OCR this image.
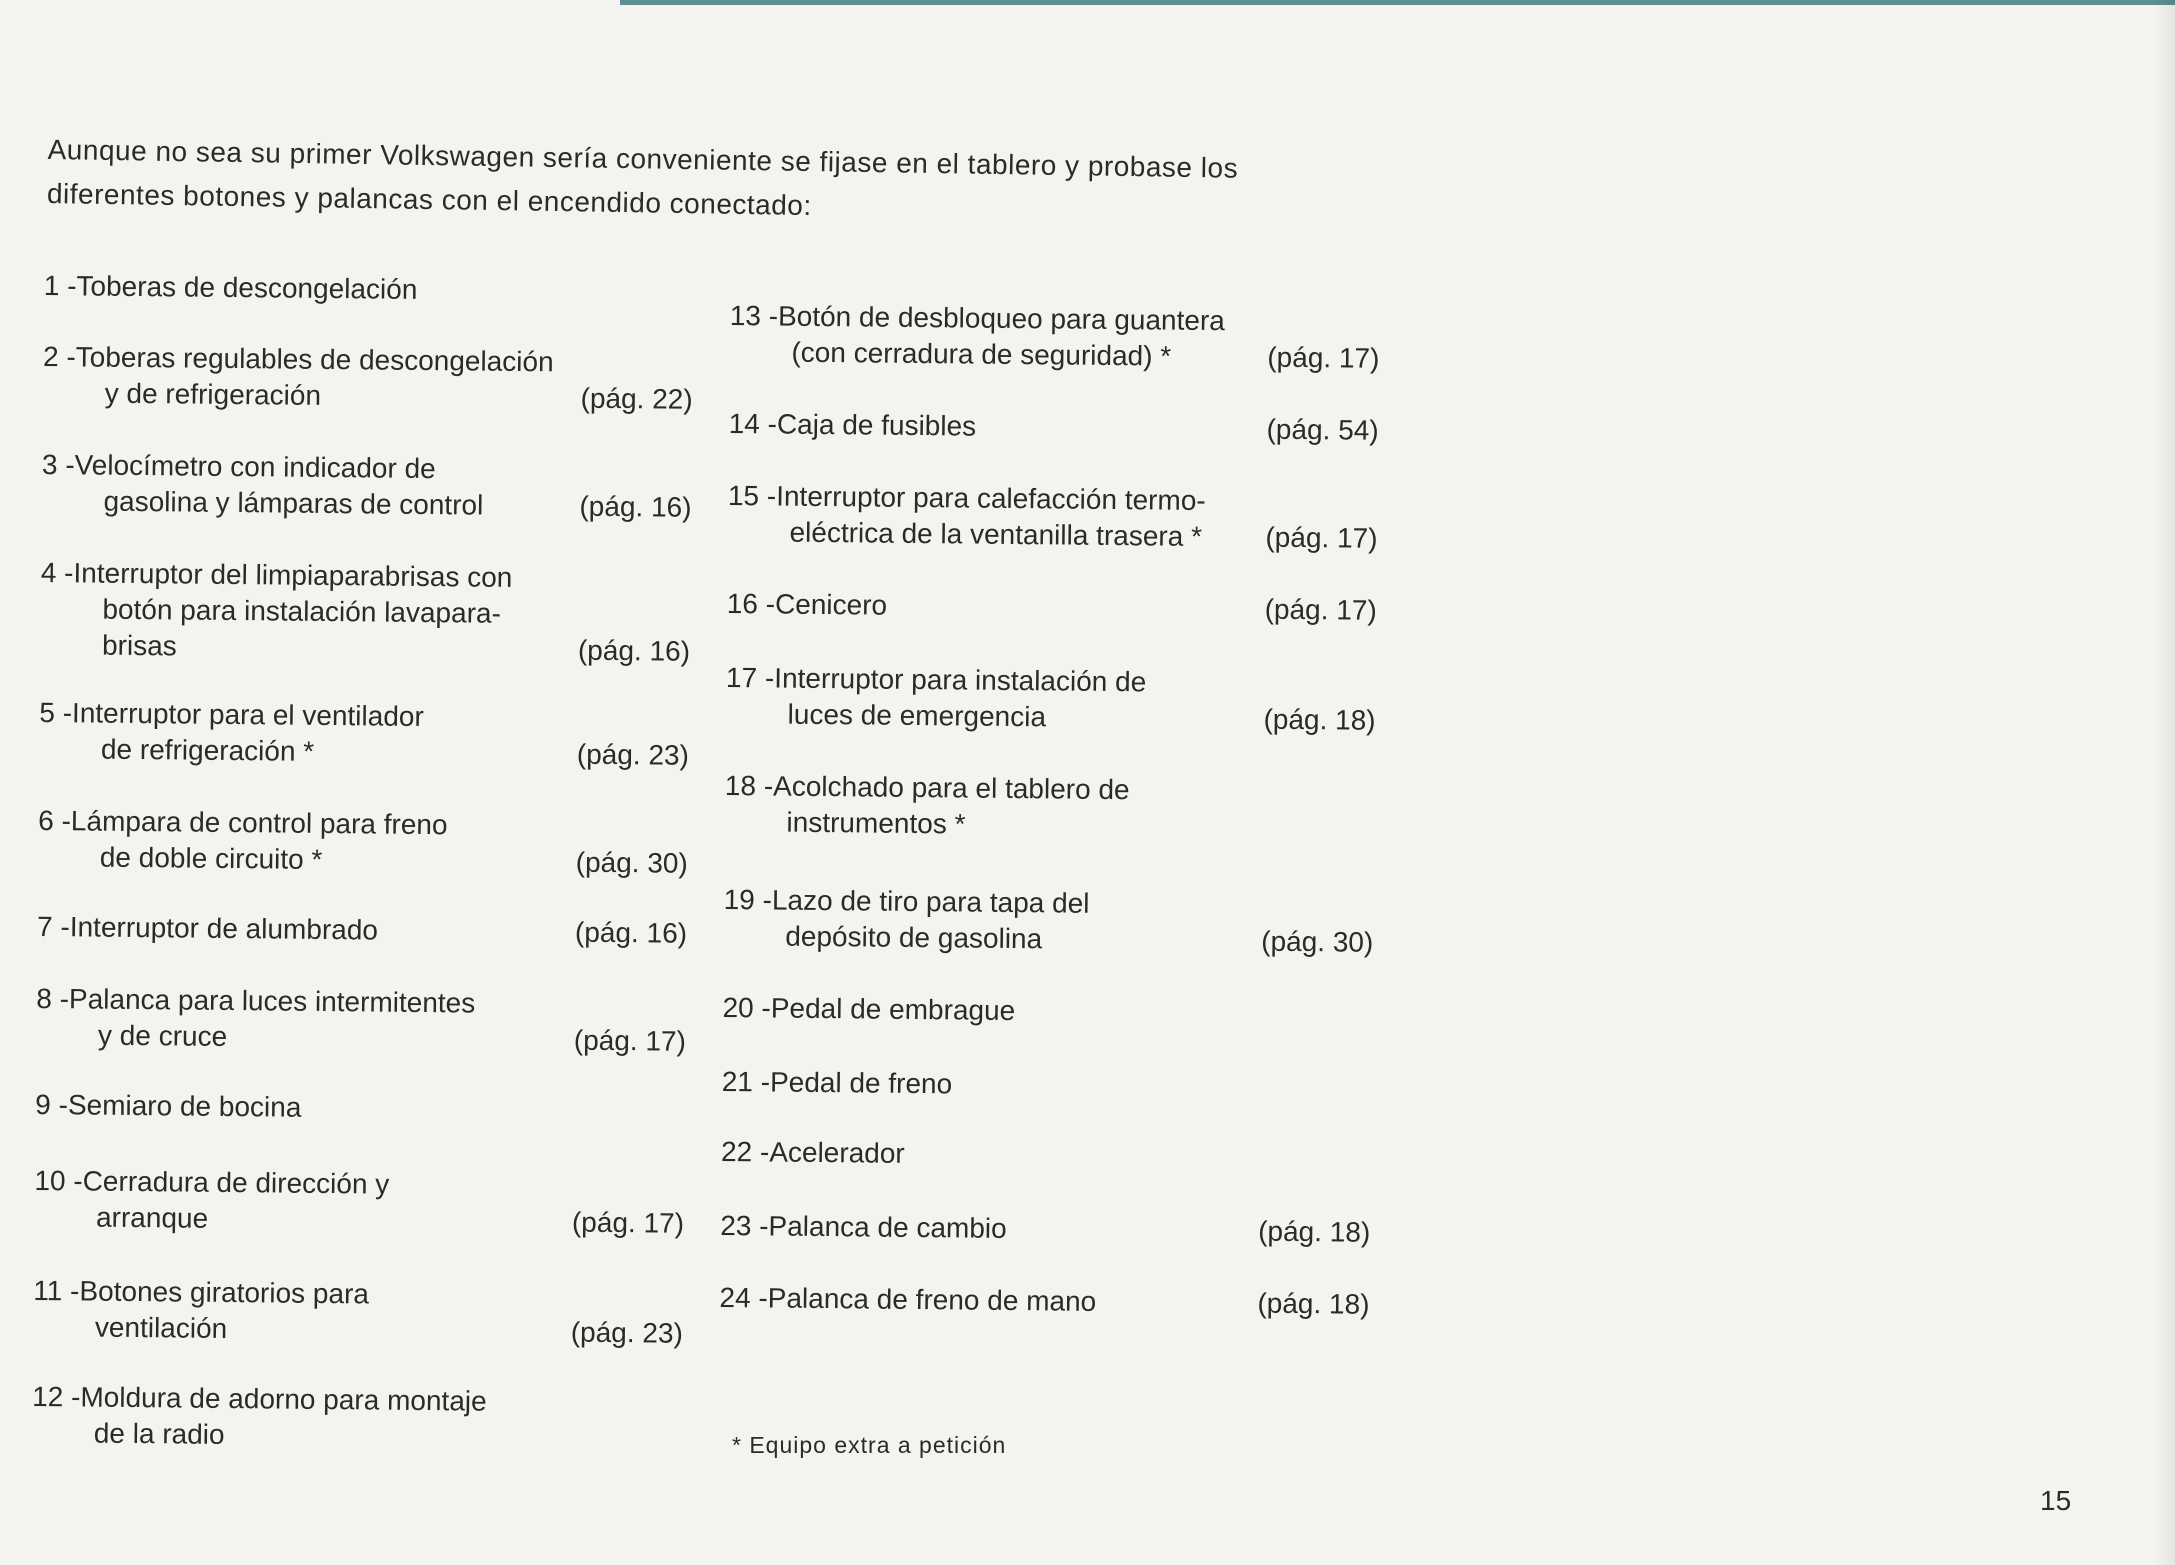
Aunque no sea su primer Volkswagen sería conveniente se fijase en el tablero y probase los
diferentes botones y palancas con el encendido conectado:
1 -Toberas de descongelación
2 -Toberas regulables de descongelación
y de refrigeración	(pág. 22)
3 -Velocímetro con indicador de
gasolina y lámparas de control	(pág. 16)
4 -Interruptor del limpiaparabrisas con
botón para instalación lavapara-
brisas	(pág. 16)
5 -Interruptor para el ventilador
de refrigeración *	(pág. 23)
6 -Lámpara de control para freno
de doble circuito *	(pág. 30)
7 -Interruptor de alumbrado	(pág. 16)
8 -Palanca para luces intermitentes
y de cruce	(pág. 17)
9 -Semiaro de bocina
10 -Cerradura de dirección y
arranque	(pág. 17)
11 -Botones giratorios para
ventilación	(pág. 23)
12 -Moldura de adorno para montaje
de la radio
13 -Botón de desbloqueo para guantera
(con cerradura de seguridad) *	(pág. 17)
14 -Caja de fusibles	(pág. 54)
15 -Interruptor para calefacción termo-
eléctrica de la ventanilla trasera *	(pág. 17)
16 -Cenicero	(pág. 17)
17 -Interruptor para instalación de
luces de emergencia	(pág. 18)
18 -Acolchado para el tablero de
instrumentos *
19 -Lazo de tiro para tapa del
depósito de gasolina	(pág. 30)
20 -Pedal de embrague
21 -Pedal de freno
22 -Acelerador
23 -Palanca de cambio	(pág. 18)
24 -Palanca de freno de mano	(pág. 18)
* Equipo extra a petición
15
